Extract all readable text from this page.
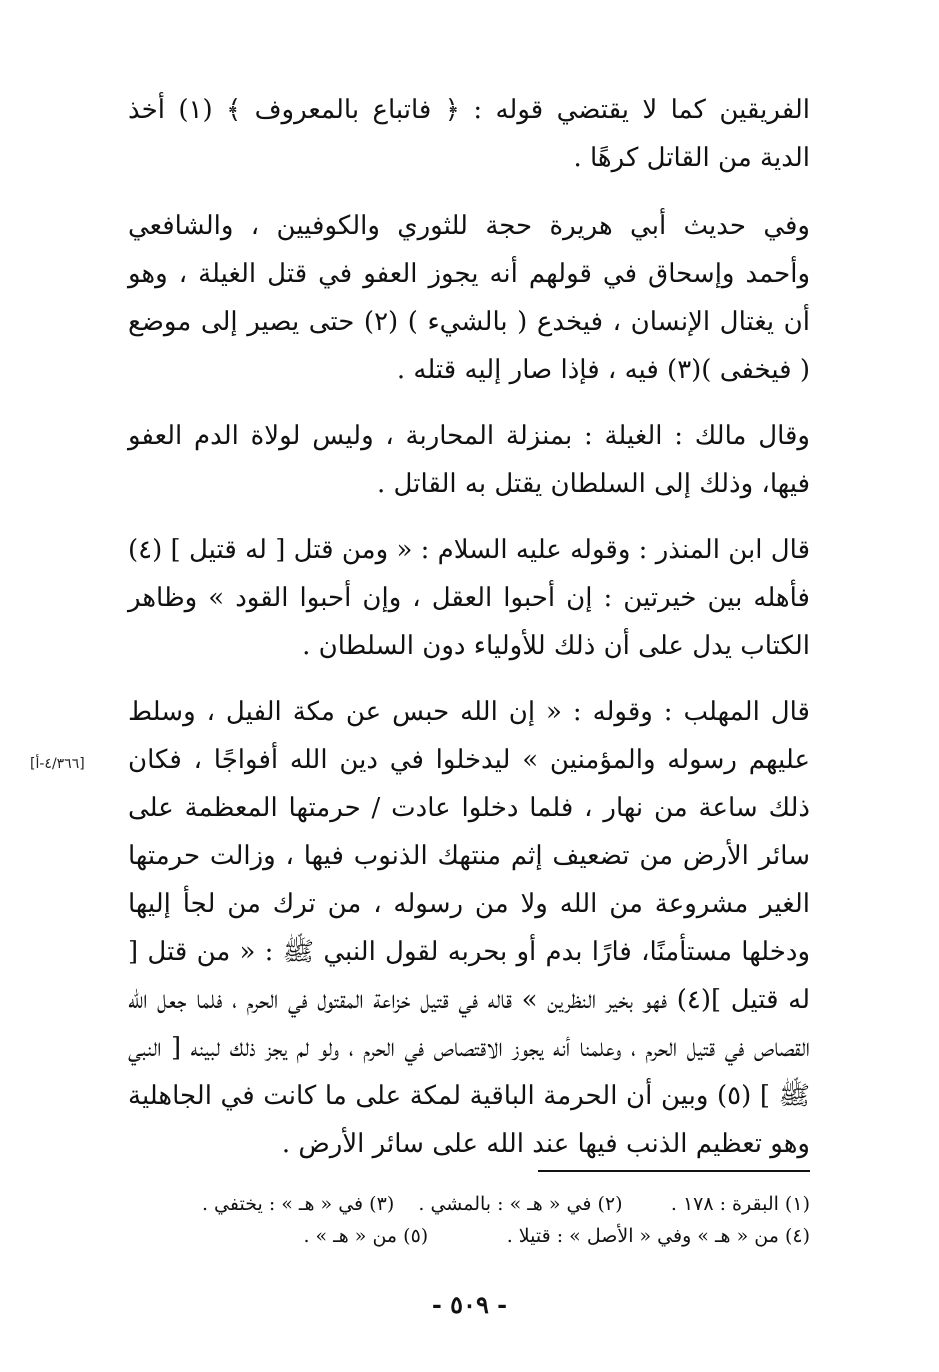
الفريقين كما لا يقتضي قوله : ﴿ فاتباع بالمعروف ﴾ (١) أخذ الدية من القاتل كرهًا .

وفي حديث أبي هريرة حجة للثوري والكوفيين ، والشافعي وأحمد وإسحاق في قولهم أنه يجوز العفو في قتل الغيلة ، وهو أن يغتال الإنسان ، فيخدع ( بالشيء ) (٢) حتى يصير إلى موضع ( فيخفى )(٣) فيه ، فإذا صار إليه قتله .

وقال مالك : الغيلة : بمنزلة المحاربة ، وليس لولاة الدم العفو فيها، وذلك إلى السلطان يقتل به القاتل .

قال ابن المنذر : وقوله عليه السلام : « ومن قتل [ له قتيل ] (٤) فأهله بين خيرتين : إن أحبوا العقل ، وإن أحبوا القود » وظاهر الكتاب يدل على أن ذلك للأولياء دون السلطان .

قال المهلب : وقوله : « إن الله حبس عن مكة الفيل ، وسلط عليهم رسوله والمؤمنين » ليدخلوا في دين الله أفواجًا ، فكان ذلك ساعة من نهار ، فلما دخلوا عادت / حرمتها المعظمة على سائر الأرض من تضعيف إثم منتهك الذنوب فيها ، وزالت حرمتها الغير مشروعة من الله ولا من رسوله ، من ترك من لجأ إليها ودخلها مستأمنًا، فارًا بدم أو بحربه لقول النبي ﷺ : « من قتل [ له قتيل ](٤) فهو بخير النظرين » قاله في قتيل خزاعة المقتول في الحرم ، فلما جعل الله القصاص في قتيل الحرم ، وعلمنا أنه يجوز الاقتصاص في الحرم ، ولو لم يجز ذلك لبينه [ النبي ﷺ ] (٥) وبين أن الحرمة الباقية لمكة على ما كانت في الجاهلية وهو تعظيم الذنب فيها عند الله على سائر الأرض .

[٤/٣٦٦-أ]
(١) البقرة : ١٧٨ .        (٢) في « هـ » : بالمشي .    (٣) في « هـ » : يختفي .
(٤) من « هـ » وفي « الأصل » : قتيلا .             (٥) من « هـ » .
- ٥٠٩ -
